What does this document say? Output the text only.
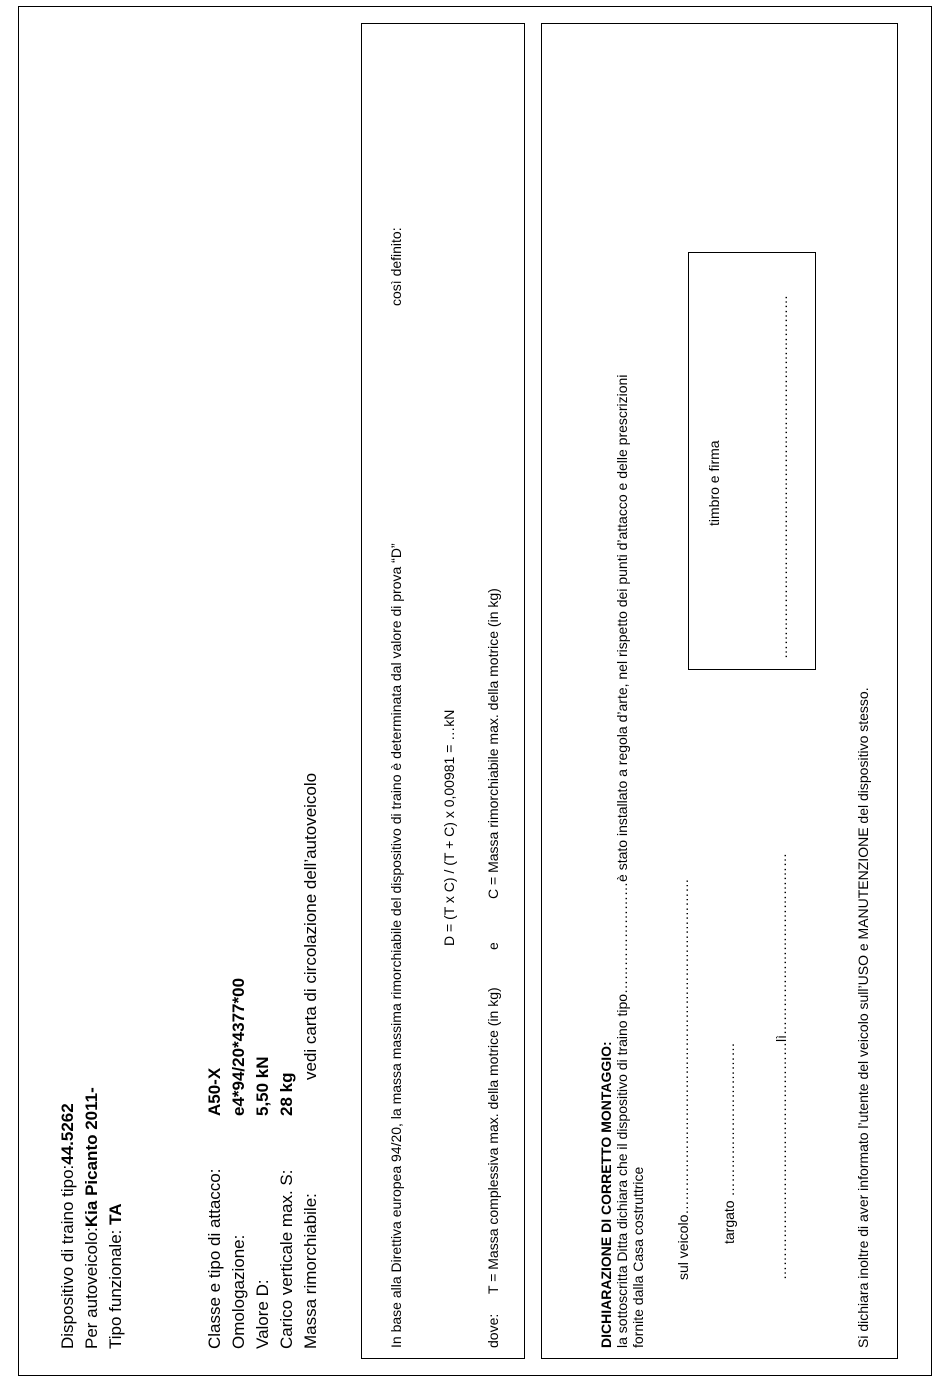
Dispositivo di traino tipo:44.5262
Per autoveicolo:Kia Picanto 2011-
Tipo funzionale: TA	Classe e tipo di attacco:
A50-X
Omologazione:
e4*94/20*4377*00
Valore D:
5,50 kN
Carico verticale max. S:
28 kg
Massa rimorchiabile:
vedi carta di circolazione dell’autoveicolo	In base alla Direttiva europea 94/20, la massa massima rimorchiabile del dispositivo di traino è determinata dal valore di prova “D”
così definito:
D = (T x C) / (T + C) x 0,00981 = …kN
dove:
T = Massa complessiva max. della motrice (in kg)
e
C = Massa rimorchiabile max. della motrice (in kg)
DICHIARAZIONE DI CORRETTO MONTAGGIO: la sottoscritta Ditta dichiara che il dispositivo di traino tipo……………………è stato installato a regola d’arte, nel rispetto dei punti d’attacco e delle prescrizioni fornite dalla Casa costruttrice sul veicolo……………………………………………………………… targato ……………………………	……………………………………………lì…………………………………
timbro e firma	……………………………………………………………………
Si dichiara inoltre di aver informato l’utente del veicolo sull’USO e MANUTENZIONE del dispositivo stesso.
